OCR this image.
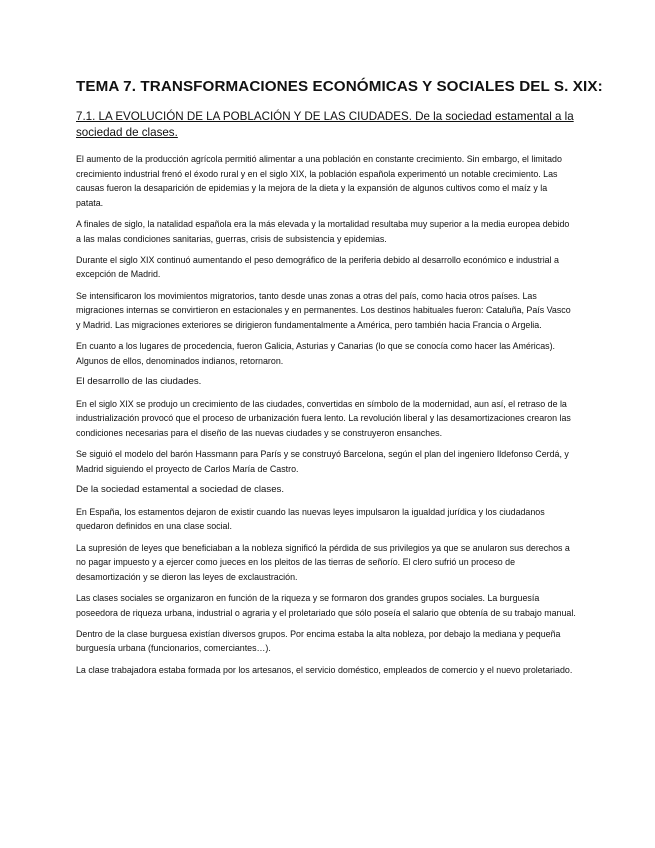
TEMA 7. TRANSFORMACIONES ECONÓMICAS Y SOCIALES DEL S. XIX:
7.1. LA EVOLUCIÓN DE LA POBLACIÓN Y DE LAS CIUDADES. De la sociedad estamental a la sociedad de clases.

El aumento de la producción agrícola permitió alimentar a una población en constante crecimiento. Sin embargo, el limitado crecimiento industrial frenó el éxodo rural y en el siglo XIX, la población española experimentó un notable crecimiento. Las causas fueron la desaparición de epidemias y la mejora de la dieta y la expansión de algunos cultivos como el maíz y la patata.

A finales de siglo, la natalidad española era la más elevada y la mortalidad resultaba muy superior a la media europea debido a las malas condiciones sanitarias, guerras, crisis de subsistencia y epidemias.

Durante el siglo XIX continuó aumentando el peso demográfico de la periferia debido al desarrollo económico e industrial a excepción de Madrid.

Se intensificaron los movimientos migratorios, tanto desde unas zonas a otras del país, como hacia otros países. Las migraciones internas se convirtieron en estacionales y en permanentes. Los destinos habituales fueron: Cataluña, País Vasco y Madrid. Las migraciones exteriores se dirigieron fundamentalmente a América, pero también hacia Francia o Argelia.

En cuanto a los lugares de procedencia, fueron Galicia, Asturias y Canarias (lo que se conocía como hacer las Américas). Algunos de ellos, denominados indianos, retornaron.

El desarrollo de las ciudades.

En el siglo XIX se produjo un crecimiento de las ciudades, convertidas en símbolo de la modernidad, aun así, el retraso de la industrialización provocó que el proceso de urbanización fuera lento. La revolución liberal y las desamortizaciones crearon las condiciones necesarias para el diseño de las nuevas ciudades y se construyeron ensanches.

Se siguió el modelo del barón Hassmann para París y se construyó Barcelona, según el plan del ingeniero Ildefonso Cerdá, y Madrid siguiendo el proyecto de Carlos María de Castro.

De la sociedad estamental a sociedad de clases.

En España, los estamentos dejaron de existir cuando las nuevas leyes impulsaron la igualdad jurídica y los ciudadanos quedaron definidos en una clase social.

La supresión de leyes que beneficiaban a la nobleza significó la pérdida de sus privilegios ya que se anularon sus derechos a no pagar impuesto y a ejercer como jueces en los pleitos de las tierras de señorío. El clero sufrió un proceso de desamortización y se dieron las leyes de exclaustración.

Las clases sociales se organizaron en función de la riqueza y se formaron dos grandes grupos sociales. La burguesía poseedora de riqueza urbana, industrial o agraria y el proletariado que sólo poseía el salario que obtenía de su trabajo manual.

Dentro de la clase burguesa existían diversos grupos. Por encima estaba la alta nobleza, por debajo la mediana y pequeña burguesía urbana (funcionarios, comerciantes…).

La clase trabajadora estaba formada por los artesanos, el servicio doméstico, empleados de comercio y el nuevo proletariado.
